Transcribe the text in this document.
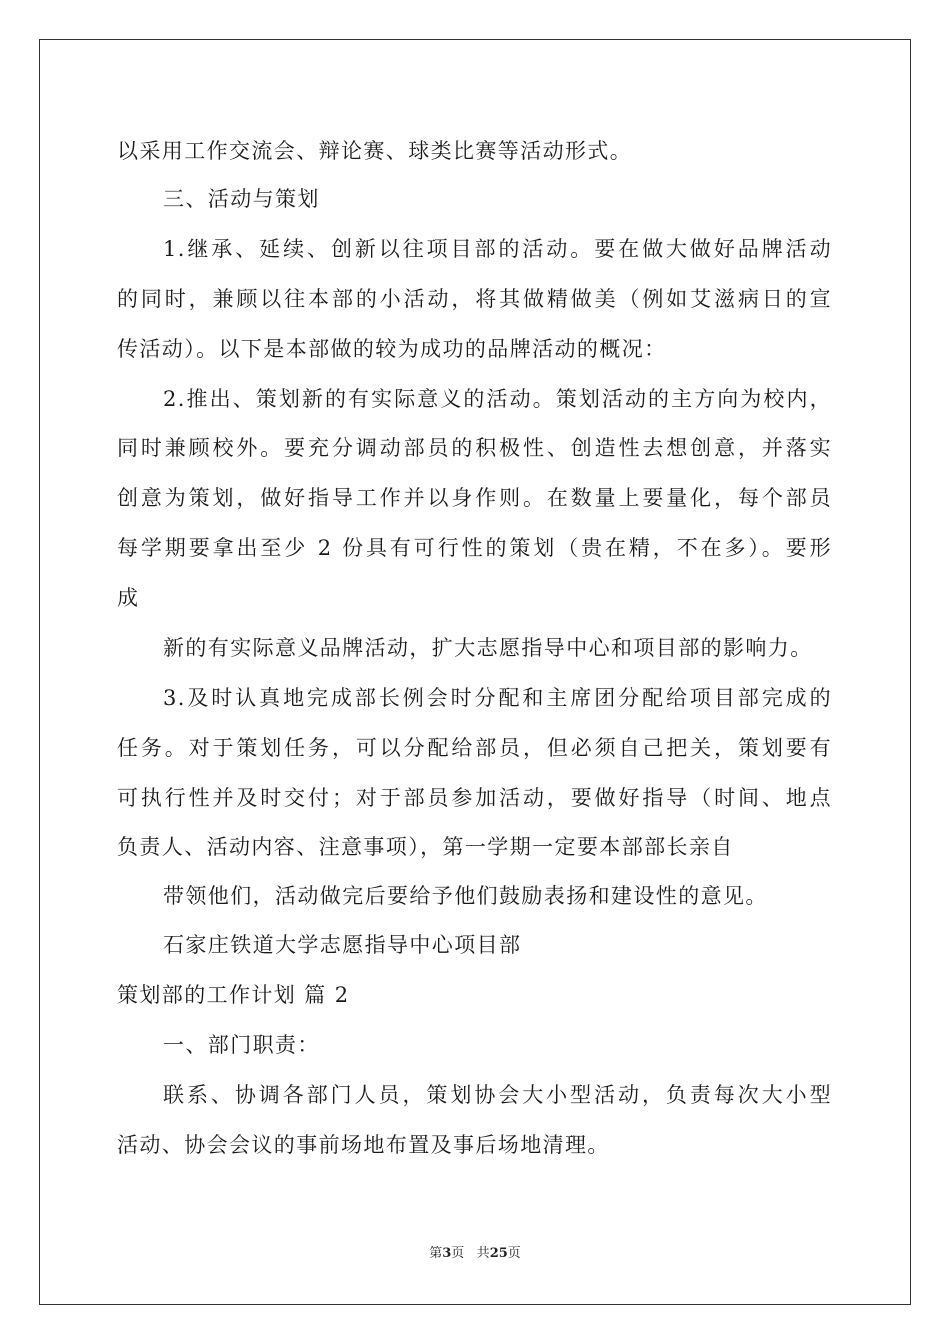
以采用工作交流会、辩论赛、球类比赛等活动形式。
三、活动与策划
1.继承、延续、创新以往项目部的活动。要在做大做好品牌活动
的同时，兼顾以往本部的小活动，将其做精做美（例如艾滋病日的宣
传活动）。以下是本部做的较为成功的品牌活动的概况：
2.推出、策划新的有实际意义的活动。策划活动的主方向为校内，
同时兼顾校外。要充分调动部员的积极性、创造性去想创意，并落实
创意为策划，做好指导工作并以身作则。在数量上要量化，每个部员
每学期要拿出至少 2 份具有可行性的策划（贵在精，不在多）。要形
成
新的有实际意义品牌活动，扩大志愿指导中心和项目部的影响力。
3.及时认真地完成部长例会时分配和主席团分配给项目部完成的
任务。对于策划任务，可以分配给部员，但必须自己把关，策划要有
可执行性并及时交付；对于部员参加活动，要做好指导（时间、地点
负责人、活动内容、注意事项），第一学期一定要本部部长亲自
带领他们，活动做完后要给予他们鼓励表扬和建设性的意见。
石家庄铁道大学志愿指导中心项目部
策划部的工作计划 篇 2
一、部门职责：
联系、协调各部门人员，策划协会大小型活动，负责每次大小型
活动、协会会议的事前场地布置及事后场地清理。
第3页 共25页
